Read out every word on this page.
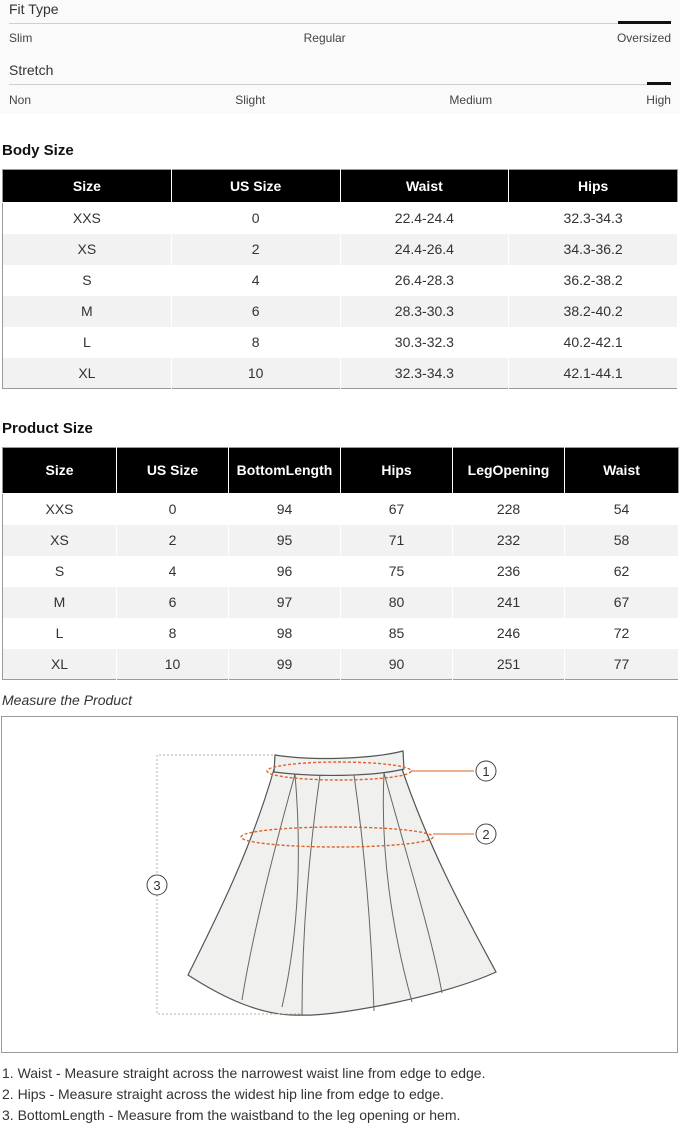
Fit Type
Slim	Regular	Oversized
Stretch
Non	Slight	Medium	High
Body Size
Size	US Size	Waist	Hips
XXS	0	22.4-24.4	32.3-34.3
XS	2	24.4-26.4	34.3-36.2
S	4	26.4-28.3	36.2-38.2
M	6	28.3-30.3	38.2-40.2
L	8	30.3-32.3	40.2-42.1
XL	10	32.3-34.3	42.1-44.1
Product Size
Size	US Size	BottomLength	Hips	LegOpening	Waist
XXS	0	94	67	228	54
XS	2	95	71	232	58
S	4	96	75	236	62
M	6	97	80	241	67
L	8	98	85	246	72
XL	10	99	90	251	77
Measure the Product
1
2
3
1. Waist - Measure straight across the narrowest waist line from edge to edge.
2. Hips - Measure straight across the widest hip line from edge to edge.
3. BottomLength - Measure from the waistband to the leg opening or hem.
